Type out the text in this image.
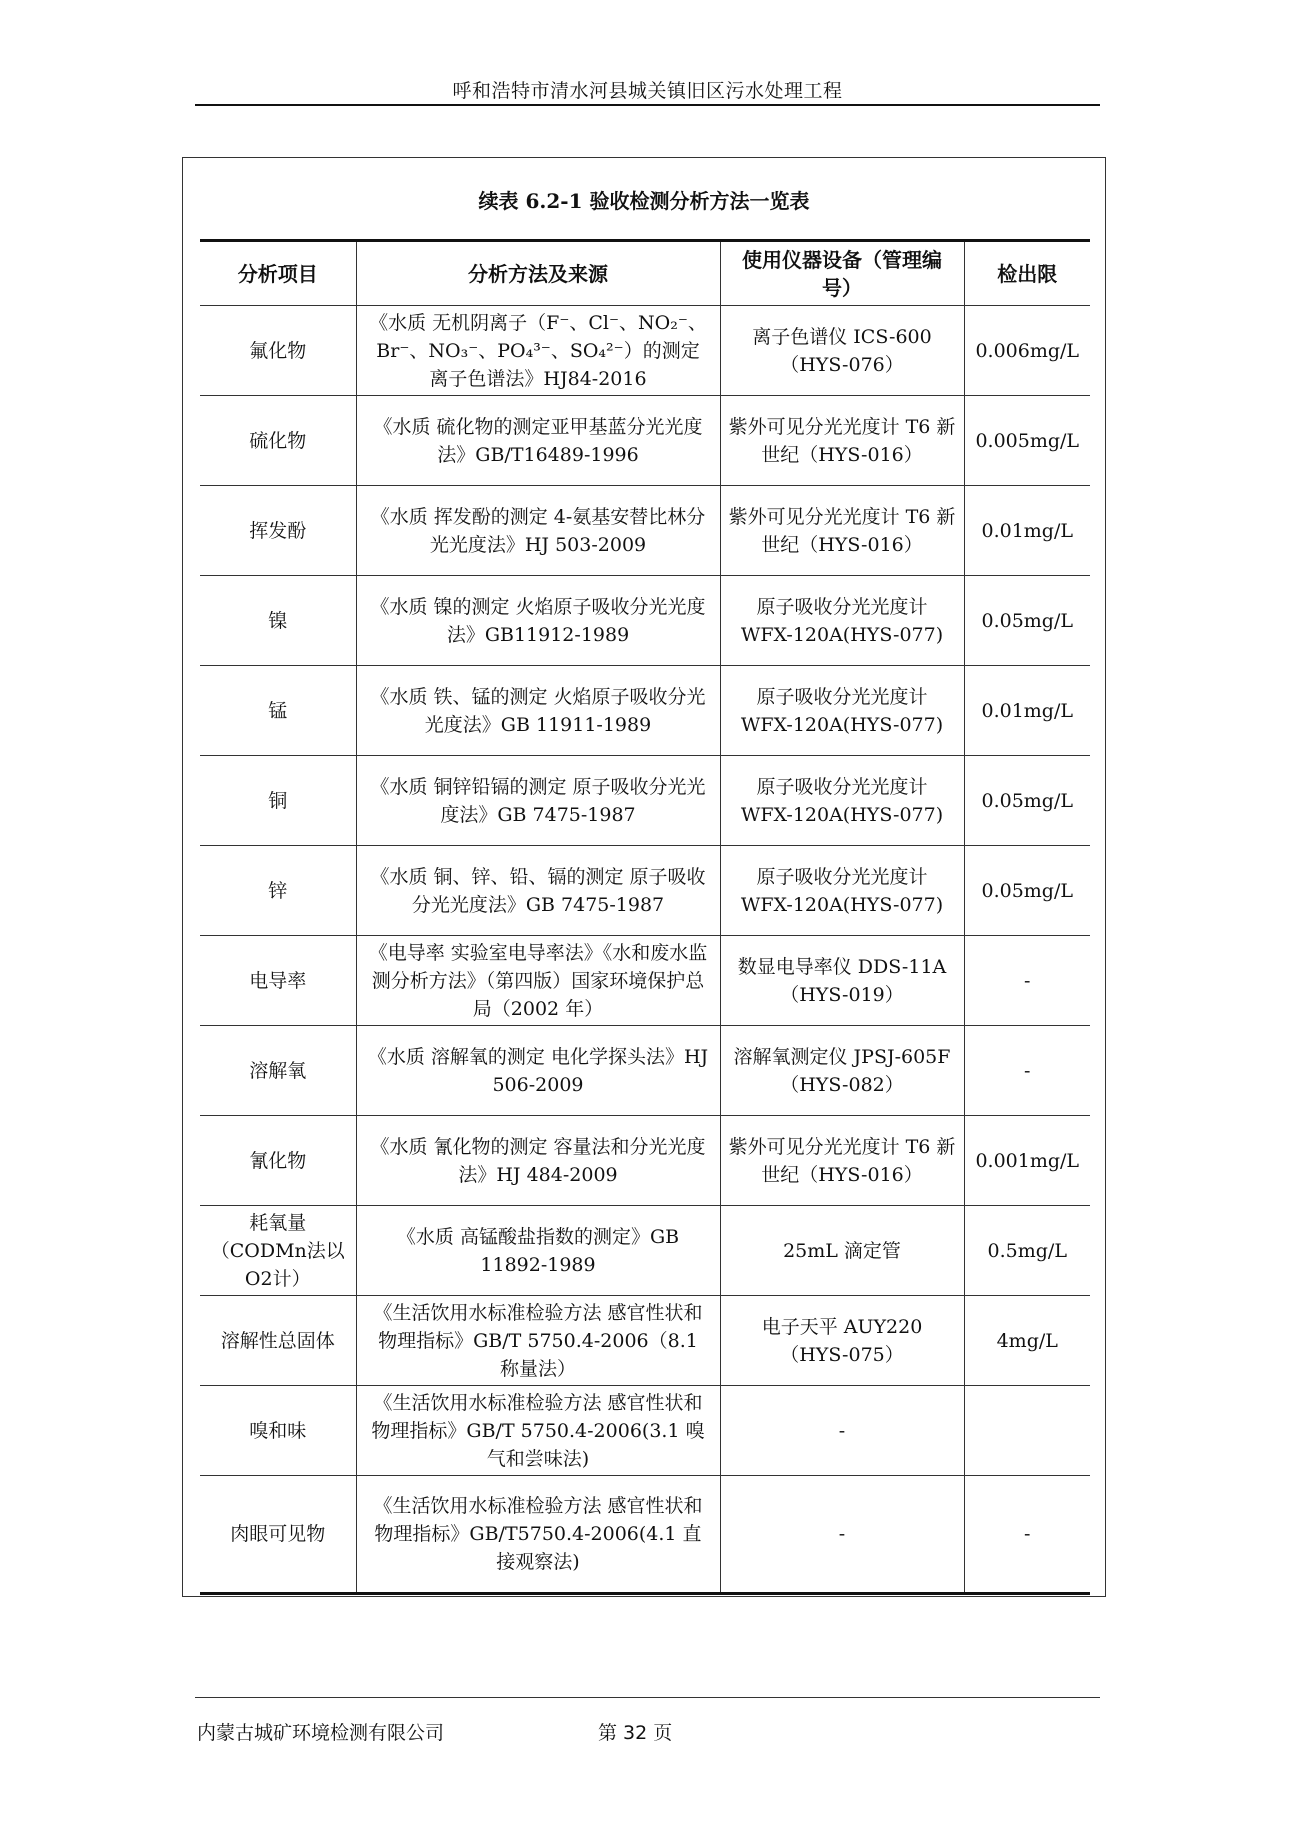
呼和浩特市清水河县城关镇旧区污水处理工程
续表 6.2-1 验收检测分析方法一览表
分析项目	分析方法及来源	使用仪器设备（管理编号）	检出限
氟化物	《水质 无机阴离子（F⁻、Cl⁻、NO₂⁻、Br⁻、NO₃⁻、PO₄³⁻、SO₄²⁻）的测定 离子色谱法》HJ84-2016	离子色谱仪 ICS-600（HYS-076）	0.006mg/L
硫化物	《水质 硫化物的测定亚甲基蓝分光光度法》GB/T16489-1996	紫外可见分光光度计 T6 新世纪（HYS-016）	0.005mg/L
挥发酚	《水质 挥发酚的测定 4-氨基安替比林分光光度法》HJ 503-2009	紫外可见分光光度计 T6 新世纪（HYS-016）	0.01mg/L
镍	《水质 镍的测定 火焰原子吸收分光光度法》GB11912-1989	原子吸收分光光度计 WFX-120A(HYS-077)	0.05mg/L
锰	《水质 铁、锰的测定 火焰原子吸收分光光度法》GB 11911-1989	原子吸收分光光度计 WFX-120A(HYS-077)	0.01mg/L
铜	《水质 铜锌铅镉的测定 原子吸收分光光度法》GB 7475-1987	原子吸收分光光度计 WFX-120A(HYS-077)	0.05mg/L
锌	《水质 铜、锌、铅、镉的测定 原子吸收分光光度法》GB 7475-1987	原子吸收分光光度计 WFX-120A(HYS-077)	0.05mg/L
电导率	《电导率 实验室电导率法》《水和废水监测分析方法》（第四版）国家环境保护总局（2002 年）	数显电导率仪 DDS-11A（HYS-019）	-
溶解氧	《水质 溶解氧的测定 电化学探头法》HJ 506-2009	溶解氧测定仪 JPSJ-605F（HYS-082）	-
氰化物	《水质 氰化物的测定 容量法和分光光度法》HJ 484-2009	紫外可见分光光度计 T6 新世纪（HYS-016）	0.001mg/L
耗氧量（CODMn法以 O2计）	《水质 高锰酸盐指数的测定》GB 11892-1989	25mL 滴定管	0.5mg/L
溶解性总固体	《生活饮用水标准检验方法 感官性状和物理指标》GB/T 5750.4-2006（8.1 称量法）	电子天平 AUY220（HYS-075）	4mg/L
嗅和味	《生活饮用水标准检验方法 感官性状和物理指标》GB/T 5750.4-2006(3.1 嗅气和尝味法)	-	
肉眼可见物	《生活饮用水标准检验方法 感官性状和物理指标》GB/T5750.4-2006(4.1 直接观察法)	-	-
内蒙古城矿环境检测有限公司	第 32 页
